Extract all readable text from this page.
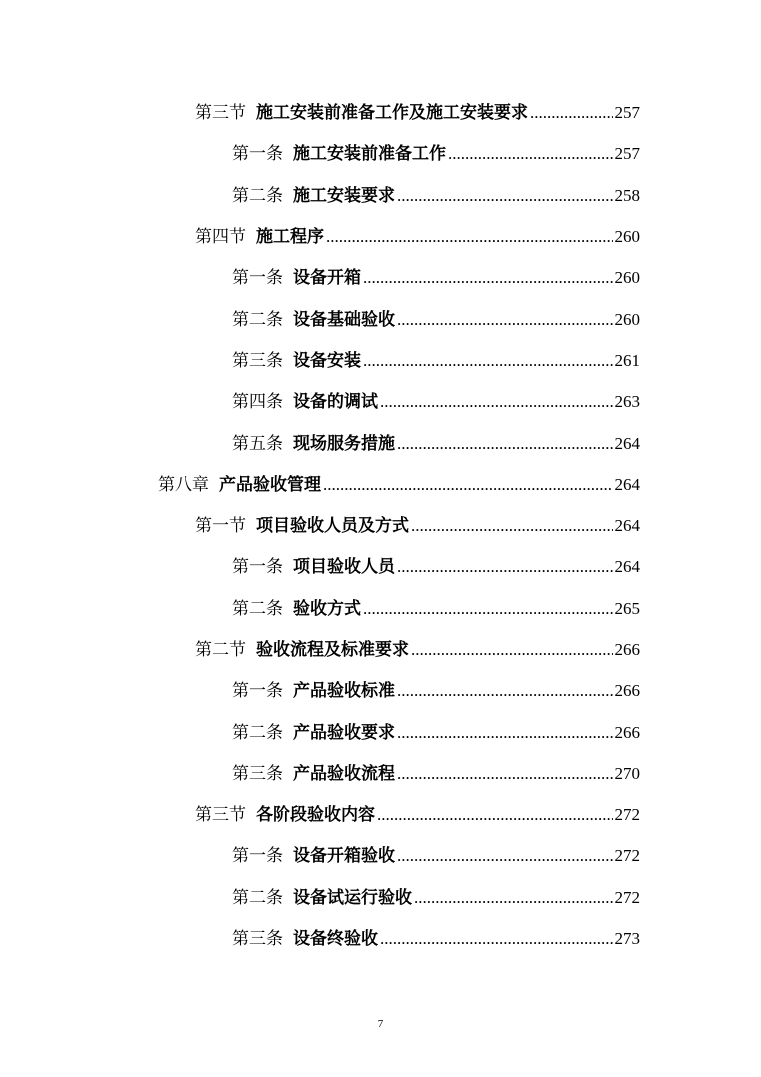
第三节 施工安装前准备工作及施工安装要求 .....	257
第一条 施工安装前准备工作 .....	257
第二条 施工安装要求 .....	258
第四节 施工程序 .....	260
第一条 设备开箱 .....	260
第二条 设备基础验收 .....	260
第三条 设备安装 .....	261
第四条 设备的调试 .....	263
第五条 现场服务措施 .....	264
第八章 产品验收管理 .....	264
第一节 项目验收人员及方式 .....	264
第一条 项目验收人员 .....	264
第二条 验收方式 .....	265
第二节 验收流程及标准要求 .....	266
第一条 产品验收标准 .....	266
第二条 产品验收要求 .....	266
第三条 产品验收流程 .....	270
第三节 各阶段验收内容 .....	272
第一条 设备开箱验收 .....	272
第二条 设备试运行验收 .....	272
第三条 设备终验收 .....	273
7
